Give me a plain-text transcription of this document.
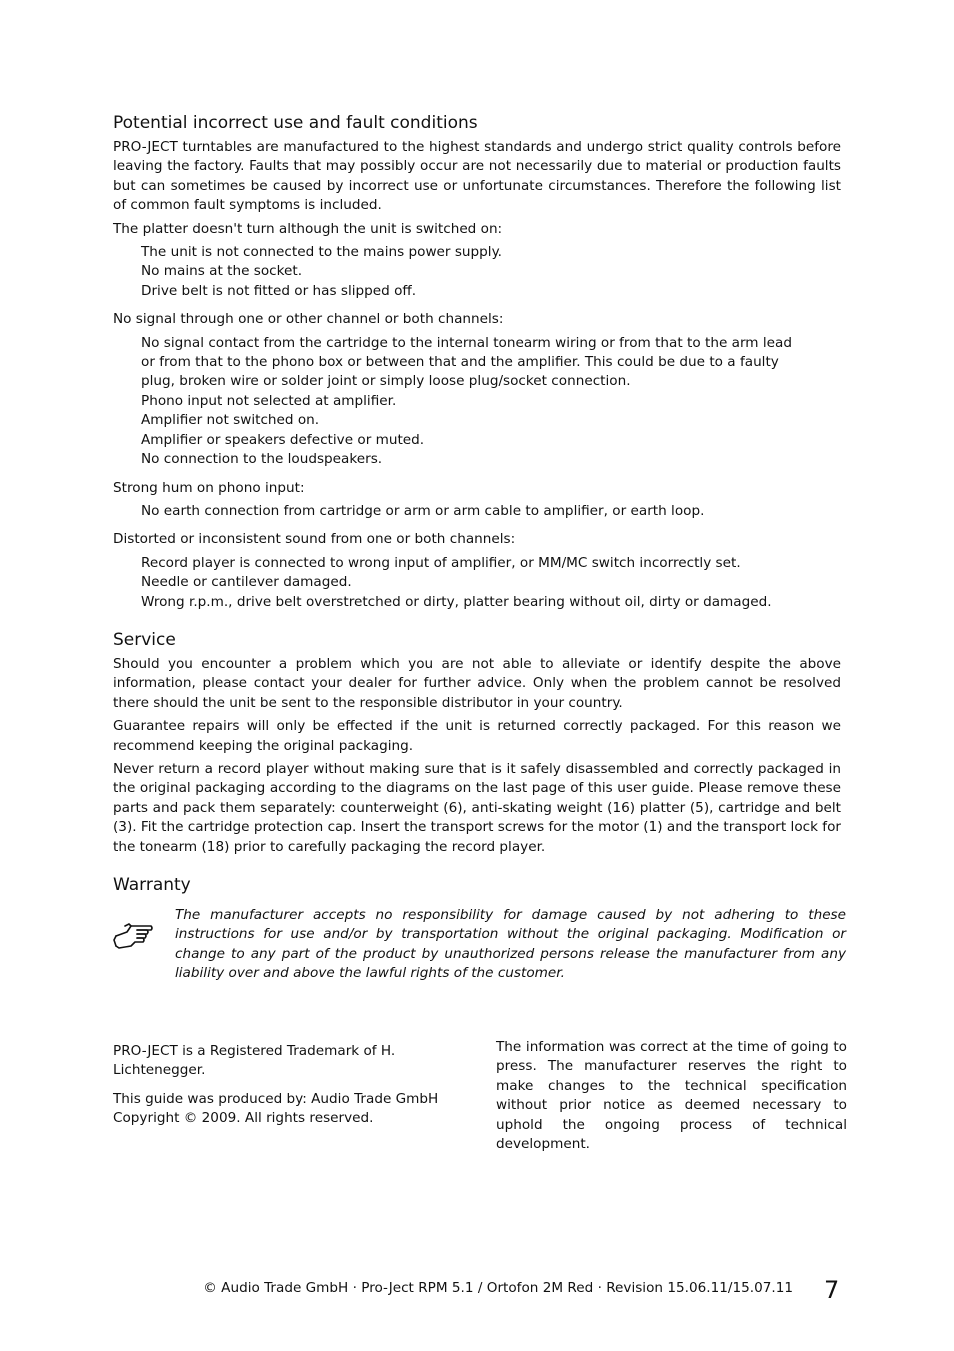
Potential incorrect use and fault conditions

PRO-JECT turntables are manufactured to the highest standards and undergo strict quality controls before leaving the factory. Faults that may possibly occur are not necessarily due to material or production faults but can sometimes be caused by incorrect use or unfortunate circumstances. Therefore the following list of common fault symptoms is included.

The platter doesn't turn although the unit is switched on:

The unit is not connected to the mains power supply.

No mains at the socket.

Drive belt is not fitted or has slipped off.

No signal through one or other channel or both channels:

No signal contact from the cartridge to the internal tonearm wiring or from that to the arm lead or from that to the phono box or between that and the amplifier. This could be due to a faulty plug, broken wire or solder joint or simply loose plug/socket connection.

Phono input not selected at amplifier.

Amplifier not switched on.

Amplifier or speakers defective or muted.

No connection to the loudspeakers.

Strong hum on phono input:

No earth connection from cartridge or arm or arm cable to amplifier, or earth loop.

Distorted or inconsistent sound from one or both channels:

Record player is connected to wrong input of amplifier, or MM/MC switch incorrectly set.

Needle or cantilever damaged.

Wrong r.p.m., drive belt overstretched or dirty, platter bearing without oil, dirty or damaged.

Service

Should you encounter a problem which you are not able to alleviate or identify despite the above information, please contact your dealer for further advice. Only when the problem cannot be resolved there should the unit be sent to the responsible distributor in your country.

Guarantee repairs will only be effected if the unit is returned correctly packaged. For this reason we recommend keeping the original packaging.

Never return a record player without making sure that is it safely disassembled and correctly packaged in the original packaging according to the diagrams on the last page of this user guide. Please remove these parts and pack them separately: counterweight (6), anti-skating weight (16) platter (5), cartridge and belt (3). Fit the cartridge protection cap. Insert the transport screws for the motor (1) and the transport lock for the tonearm (18) prior to carefully packaging the record player.

Warranty

The manufacturer accepts no responsibility for damage caused by not adhering to these instructions for use and/or by transportation without the original packaging. Modification or change to any part of the product by unauthorized persons release the manufacturer from any liability over and above the lawful rights of the customer.

PRO-JECT is a Registered Trademark of H. Lichtenegger.

This guide was produced by: Audio Trade GmbH

Copyright © 2009. All rights reserved.

The information was correct at the time of going to press. The manufacturer reserves the right to make changes to the technical specification without prior notice as deemed necessary to uphold the ongoing process of technical development.

© Audio Trade GmbH · Pro-Ject RPM 5.1 / Ortofon 2M Red · Revision 15.06.11/15.07.11 7
